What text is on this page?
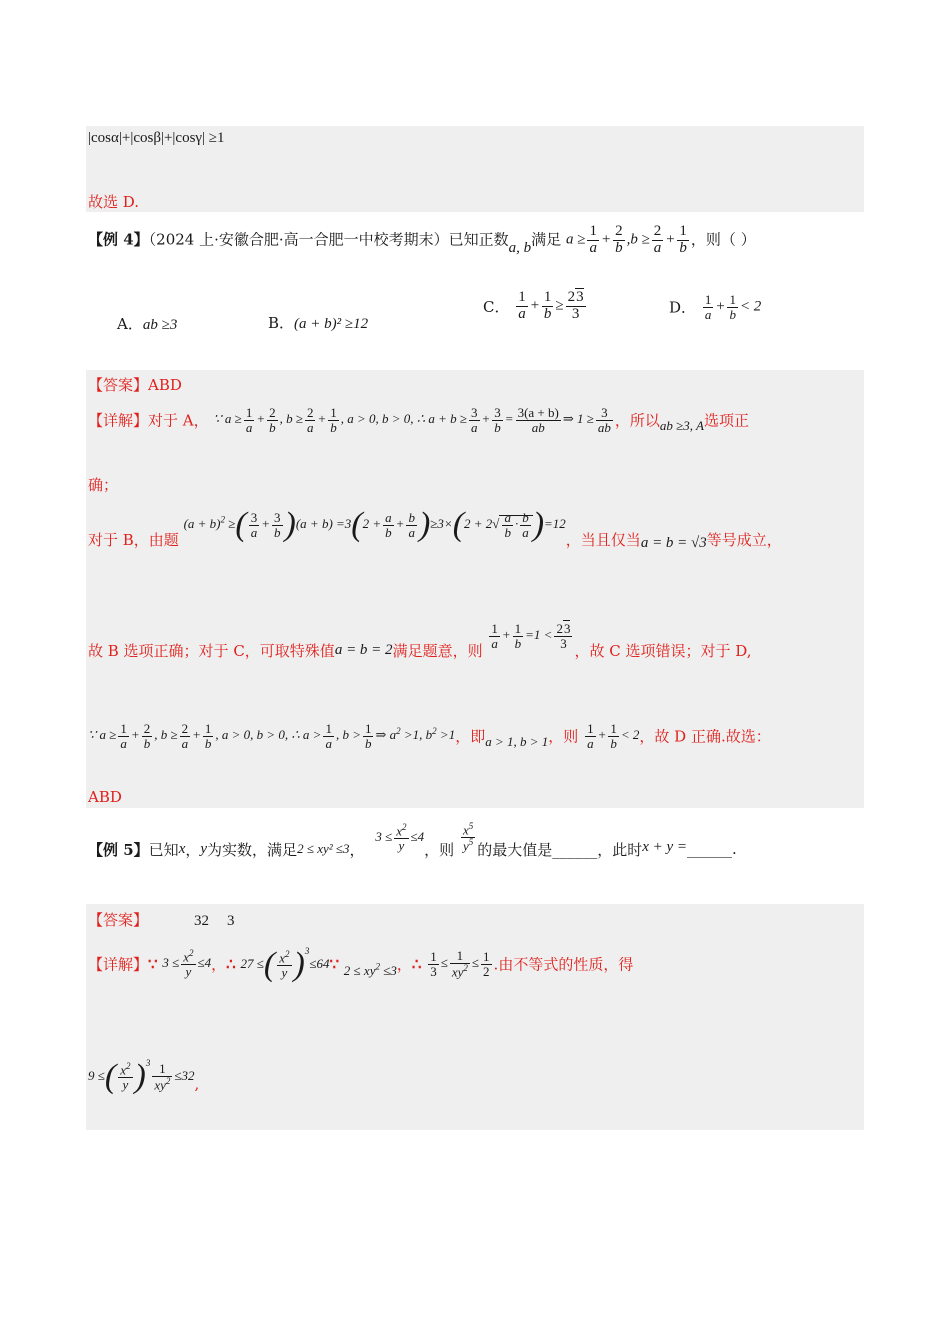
|cosα|+|cosβ|+|cosγ| ≥1
故选 D.
【例 4】（2024 上·安徽合肥·高一合肥一中校考期末）已知正数a, b满足 $a \ge \frac{1}{a} + \frac{2}{b} ,b \ge \frac{2}{a} + \frac{1}{b}$ ，则（ ）
A．ab ≥3	B．(a + b)² ≥12
C． $\frac{1}{a} + \frac{1}{b} \ge \frac{23}{3}$	D． $\frac{1}{a} + \frac{1}{b} < 2$
【答案】ABD
【详解】对于 A， ∵ $a \ge \frac{1}{a} + \frac{2}{b}$ , $b \ge \frac{2}{a} + \frac{1}{b}$ , a > 0, b > 0, ∴ $a + b \ge \frac{3}{a} + \frac{3}{b} = \frac{3(a + b)}{ab}$ ⇒ $1 \ge \frac{3}{ab}$ ，所以ab ≥3, A选项正
确；
对于 B，由题 $(a + b)^2$ ≥( $\frac{3}{a} + \frac{3}{b} )(a + b) =3(2 + \frac{a}{b} + \frac{b}{a} )\ge 3\times(2 + 2√ \frac{a}{b} \cdot \frac{b}{a} )=12$，当且仅当a = b = √3等号成立，
故 B 选项正确；对于 C，可取特殊值a = b = 2满足题意，则
$\frac{1}{a} + \frac{1}{b} =1 < \frac{23}{3}$
，故 C 选项错误；对于 D,
∵ $a \ge \frac{1}{a} + \frac{2}{b}$ , $b \ge \frac{2}{a} + \frac{1}{b}$ , a > 0, b > 0, ∴ $a > \frac{1}{a}$ , $b > \frac{1}{b}$ ⇒ $a^2 >1$, $b^2 >1$，即a > 1, b > 1，则 $\frac{1}{a} + \frac{1}{b} < 2$，故 D 正确.故选：
ABD
【例 5】已知x，y为实数，满足2 ≤ xy² ≤3， $3 \le \frac{x^2}{y} \le 4$，则 $\frac{x^5}{y^5}$ 的最大值是______，此时x + y =______.
【答案】	32 3
【详解】∵ $3 \le \frac{x^2}{y} \le 4$，∴ 27 ≤( $\frac{x^2}{y}$ )$^3$≤64∵ $2 \le xy^2 \le 3$，∴ $\frac{1}{3} \le \frac{1}{xy^2} \le \frac{1}{2}$ .由不等式的性质，得
9 ≤( $\frac{x^2}{y} )^3 \frac{1}{xy^2} \le 32$,
